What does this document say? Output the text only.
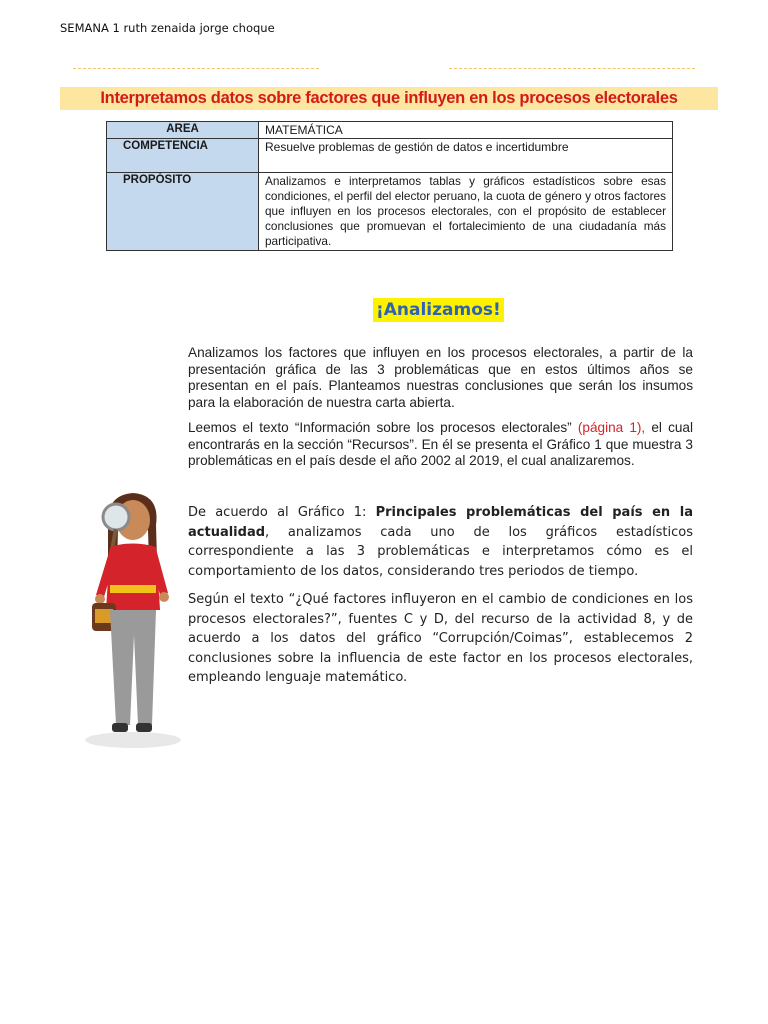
SEMANA 1 ruth zenaida jorge choque
Interpretamos datos sobre factores que influyen en los procesos electorales
AREA	MATEMÁTICA
COMPETENCIA	Resuelve problemas de gestión de datos e incertidumbre
PROPÓSITO	Analizamos e interpretamos tablas y gráficos estadísticos sobre esas condiciones, el perfil del elector peruano, la cuota de género y otros factores que influyen en los procesos electorales, con el propósito de establecer conclusiones que promuevan el fortalecimiento de una ciudadanía más participativa.
¡Analizamos!
Analizamos los factores que influyen en los procesos electorales, a partir de la presentación gráfica de las 3 problemáticas que en estos últimos años se presentan en el país. Planteamos nuestras conclusiones que serán los insumos para la elaboración de nuestra carta abierta.
Leemos el texto “Información sobre los procesos electorales” (página 1), el cual encontrarás en la sección “Recursos”. En él se presenta el Gráfico 1 que muestra 3 problemáticas en el país desde el año 2002 al 2019, el cual analizaremos.
De acuerdo al Gráfico 1: Principales problemáticas del país en la actualidad, analizamos cada uno de los gráficos estadísticos correspondiente a las 3 problemáticas e interpretamos cómo es el comportamiento de los datos, considerando tres periodos de tiempo.
Según el texto “¿Qué factores influyeron en el cambio de condiciones en los procesos electorales?”, fuentes C y D, del recurso de la actividad 8, y de acuerdo a los datos del gráfico “Corrupción/Coimas”, establecemos 2 conclusiones sobre la influencia de este factor en los procesos electorales, empleando lenguaje matemático.
